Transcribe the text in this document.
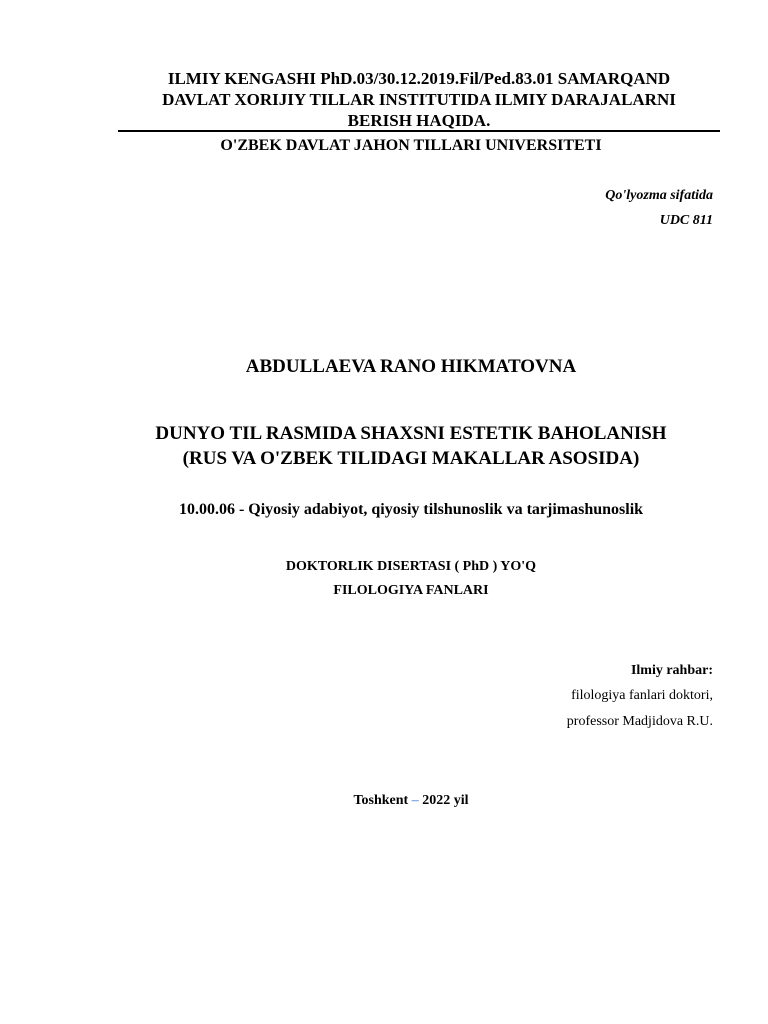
ILMIY KENGASHI PhD.03/30.12.2019.Fil/Ped.83.01 SAMARQAND
DAVLAT XORIJIY TILLAR INSTITUTIDA ILMIY DARAJALARNI
BERISH HAQIDA.
O'ZBEK DAVLAT JAHON TILLARI UNIVERSITETI
Qo'lyozma sifatida
UDC 811
ABDULLAEVA RANO HIKMATOVNA
DUNYO TIL RASMIDA SHAXSNI ESTETIK BAHOLANISH
(RUS VA O'ZBEK TILIDAGI MAKALLAR ASOSIDA)
10.00.06 - Qiyosiy adabiyot, qiyosiy tilshunoslik va tarjimashunoslik
DOKTORLIK DISERTASI ( PhD ) YO'Q
FILOLOGIYA FANLARI
Ilmiy rahbar:
filologiya fanlari doktori,
professor Madjidova R.U.
Toshkent – 2022 yil
